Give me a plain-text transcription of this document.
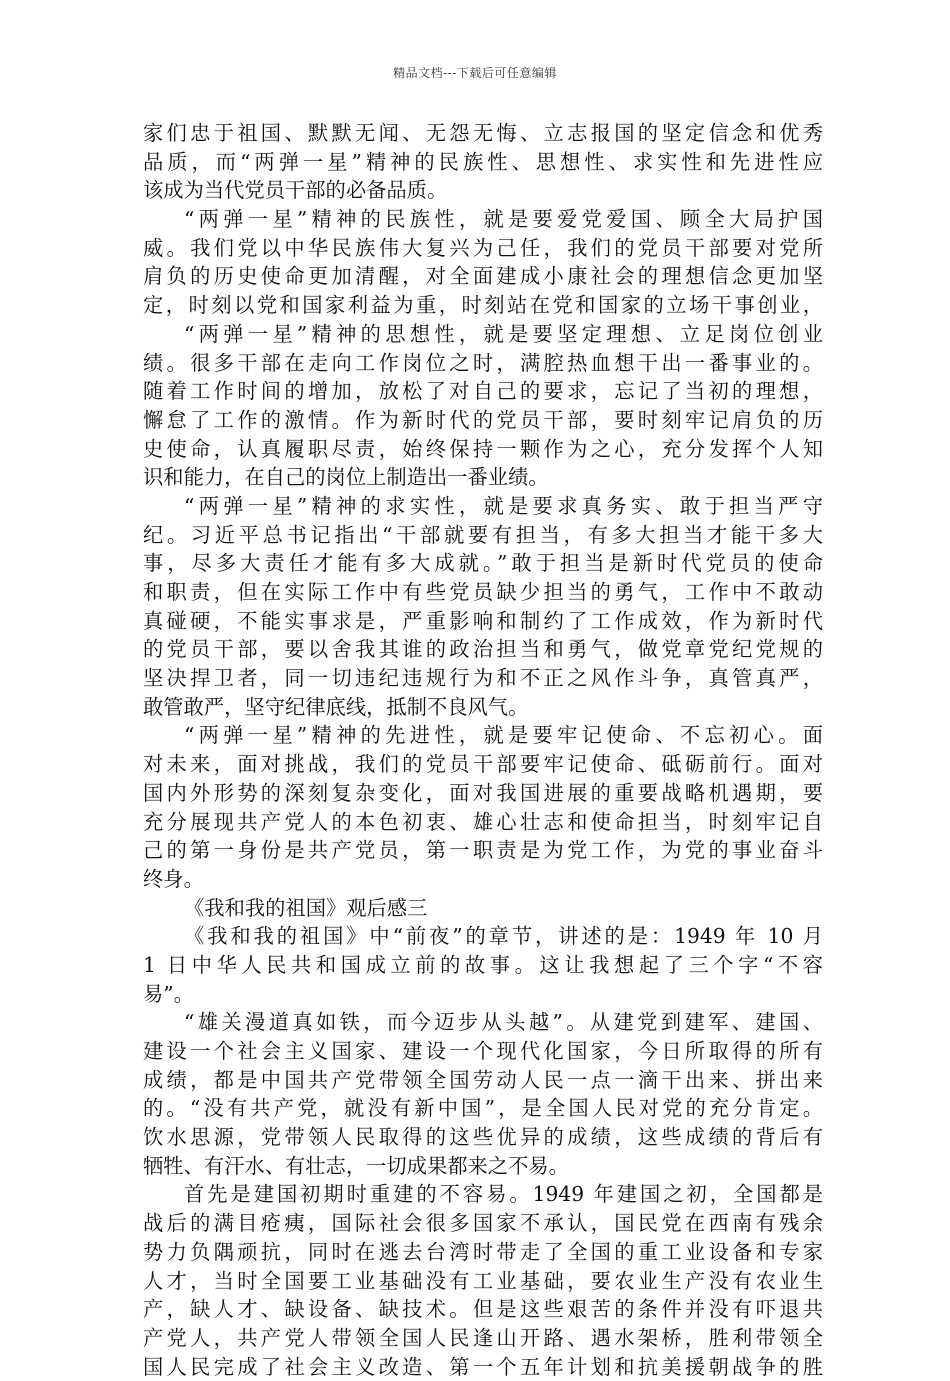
精品文档---下载后可任意编辑
家们忠于祖国、默默无闻、无怨无悔、立志报国的坚定信念和优秀
品质，而“两弹一星”精神的民族性、思想性、求实性和先进性应
该成为当代党员干部的必备品质。
“两弹一星”精神的民族性，就是要爱党爱国、顾全大局护国
威。我们党以中华民族伟大复兴为己任，我们的党员干部要对党所
肩负的历史使命更加清醒，对全面建成小康社会的理想信念更加坚
定，时刻以党和国家利益为重，时刻站在党和国家的立场干事创业，
“两弹一星”精神的思想性，就是要坚定理想、立足岗位创业
绩。很多干部在走向工作岗位之时，满腔热血想干出一番事业的。
随着工作时间的增加，放松了对自己的要求，忘记了当初的理想，
懈怠了工作的激情。作为新时代的党员干部，要时刻牢记肩负的历
史使命，认真履职尽责，始终保持一颗作为之心，充分发挥个人知
识和能力，在自己的岗位上制造出一番业绩。
“两弹一星”精神的求实性，就是要求真务实、敢于担当严守
纪。习近平总书记指出“干部就要有担当，有多大担当才能干多大
事，尽多大责任才能有多大成就。”敢于担当是新时代党员的使命
和职责，但在实际工作中有些党员缺少担当的勇气，工作中不敢动
真碰硬，不能实事求是，严重影响和制约了工作成效，作为新时代
的党员干部，要以舍我其谁的政治担当和勇气，做党章党纪党规的
坚决捍卫者，同一切违纪违规行为和不正之风作斗争，真管真严，
敢管敢严，坚守纪律底线，抵制不良风气。
“两弹一星”精神的先进性，就是要牢记使命、不忘初心。面
对未来，面对挑战，我们的党员干部要牢记使命、砥砺前行。面对
国内外形势的深刻复杂变化，面对我国进展的重要战略机遇期，要
充分展现共产党人的本色初衷、雄心壮志和使命担当，时刻牢记自
己的第一身份是共产党员，第一职责是为党工作，为党的事业奋斗
终身。
《我和我的祖国》观后感三
《我和我的祖国》中“前夜”的章节，讲述的是：1949 年 10 月
1 日中华人民共和国成立前的故事。这让我想起了三个字“不容
易”。
“雄关漫道真如铁，而今迈步从头越”。从建党到建军、建国、
建设一个社会主义国家、建设一个现代化国家，今日所取得的所有
成绩，都是中国共产党带领全国劳动人民一点一滴干出来、拼出来
的。“没有共产党，就没有新中国”，是全国人民对党的充分肯定。
饮水思源，党带领人民取得的这些优异的成绩，这些成绩的背后有
牺牲、有汗水、有壮志，一切成果都来之不易。
首先是建国初期时重建的不容易。1949 年建国之初，全国都是
战后的满目疮痍，国际社会很多国家不承认，国民党在西南有残余
势力负隅顽抗，同时在逃去台湾时带走了全国的重工业设备和专家
人才，当时全国要工业基础没有工业基础，要农业生产没有农业生
产，缺人才、缺设备、缺技术。但是这些艰苦的条件并没有吓退共
产党人，共产党人带领全国人民逢山开路、遇水架桥，胜利带领全
国人民完成了社会主义改造、第一个五年计划和抗美援朝战争的胜
